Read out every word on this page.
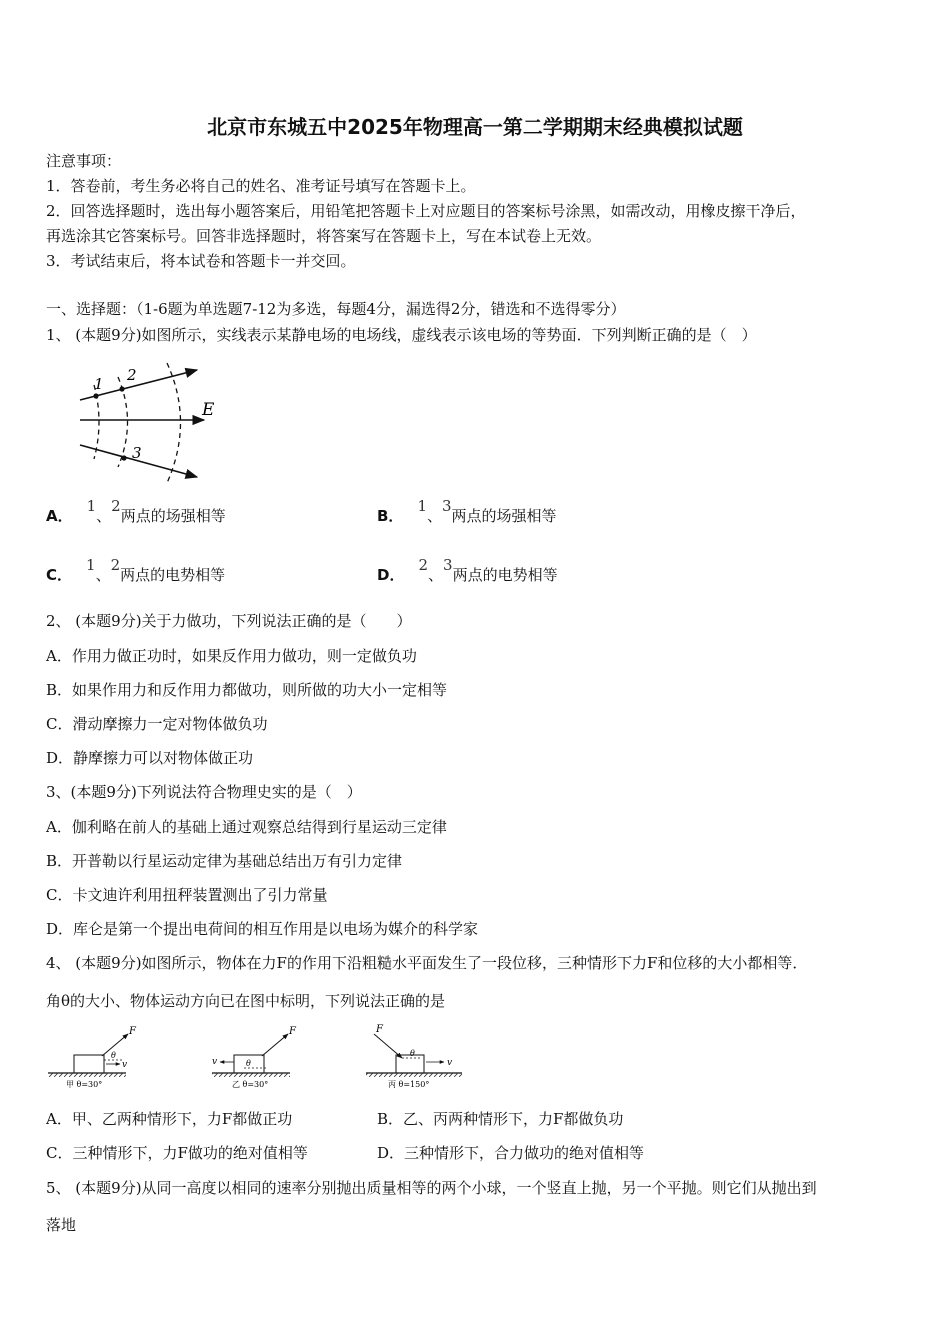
北京市东城五中2025年物理高一第二学期期末经典模拟试题
注意事项：
1．答卷前，考生务必将自己的姓名、准考证号填写在答题卡上。
2．回答选择题时，选出每小题答案后，用铅笔把答题卡上对应题目的答案标号涂黑，如需改动，用橡皮擦干净后，
再选涂其它答案标号。回答非选择题时，将答案写在答题卡上，写在本试卷上无效。
3．考试结束后，将本试卷和答题卡一并交回。
一、选择题：（1-6题为单选题7-12为多选，每题4分，漏选得2分，错选和不选得零分）
1、 (本题9分)如图所示，实线表示某静电场的电场线，虚线表示该电场的等势面．下列判断正确的是（　）
1 2
3
E
A．1、2两点的场强相等	B．1、3两点的场强相等
C．1、2两点的电势相等	D．2、3两点的电势相等
2、 (本题9分)关于力做功，下列说法正确的是（　　）
A．作用力做正功时，如果反作用力做功，则一定做负功
B．如果作用力和反作用力都做功，则所做的功大小一定相等
C．滑动摩擦力一定对物体做负功
D．静摩擦力可以对物体做正功
3、(本题9分)下列说法符合物理史实的是（　）
A．伽利略在前人的基础上通过观察总结得到行星运动三定律
B．开普勒以行星运动定律为基础总结出万有引力定律
C．卡文迪许利用扭秤装置测出了引力常量
D．库仑是第一个提出电荷间的相互作用是以电场为媒介的科学家
4、 (本题9分)如图所示，物体在力F的作用下沿粗糙水平面发生了一段位移，三种情形下力F和位移的大小都相等．
角θ的大小、物体运动方向已在图中标明，下列说法正确的是
F
θ
v
甲 θ=30°
F
θ
v
乙 θ=30°
F
θ
v
丙 θ=150°
A．甲、乙两种情形下，力F都做正功	B．乙、丙两种情形下，力F都做负功
C．三种情形下，力F做功的绝对值相等	D．三种情形下，合力做功的绝对值相等
5、 (本题9分)从同一高度以相同的速率分别抛出质量相等的两个小球，一个竖直上抛，另一个平抛。则它们从抛出到
落地
